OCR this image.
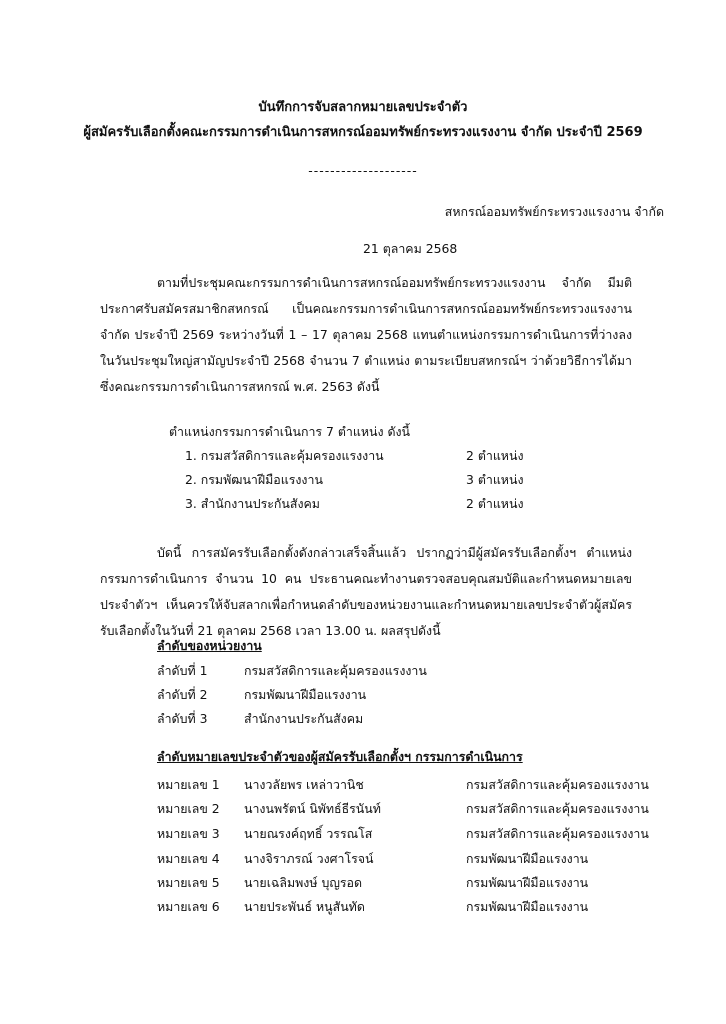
บันทึกการจับสลากหมายเลขประจำตัว
ผู้สมัครรับเลือกตั้งคณะกรรมการดำเนินการสหกรณ์ออมทรัพย์กระทรวงแรงงาน จำกัด ประจำปี 2569
--------------------
สหกรณ์ออมทรัพย์กระทรวงแรงงาน จำกัด
21 ตุลาคม 2568
ตามที่ประชุมคณะกรรมการดำเนินการสหกรณ์ออมทรัพย์กระทรวงแรงงาน จำกัด มีมติประกาศรับสมัครสมาชิกสหกรณ์ เป็นคณะกรรมการดำเนินการสหกรณ์ออมทรัพย์กระทรวงแรงงาน จำกัด ประจำปี 2569 ระหว่างวันที่ 1 – 17 ตุลาคม 2568 แทนตำแหน่งกรรมการดำเนินการที่ว่างลง ในวันประชุมใหญ่สามัญประจำปี 2568 จำนวน 7 ตำแหน่ง ตามระเบียบสหกรณ์ฯ ว่าด้วยวิธีการได้มาซึ่งคณะกรรมการดำเนินการสหกรณ์ พ.ศ. 2563 ดังนี้
ตำแหน่งกรรมการดำเนินการ 7 ตำแหน่ง ดังนี้
1. กรมสวัสดิการและคุ้มครองแรงงาน	2 ตำแหน่ง
2. กรมพัฒนาฝีมือแรงงาน	3 ตำแหน่ง
3. สำนักงานประกันสังคม	2 ตำแหน่ง
บัดนี้ การสมัครรับเลือกตั้งดังกล่าวเสร็จสิ้นแล้ว ปรากฏว่ามีผู้สมัครรับเลือกตั้งฯ ตำแหน่งกรรมการดำเนินการ จำนวน 10 คน ประธานคณะทำงานตรวจสอบคุณสมบัติและกำหนดหมายเลขประจำตัวฯ เห็นควรให้จับสลากเพื่อกำหนดลำดับของหน่วยงานและกำหนดหมายเลขประจำตัวผู้สมัครรับเลือกตั้งในวันที่ 21 ตุลาคม 2568 เวลา 13.00 น. ผลสรุปดังนี้
ลำดับของหน่วยงาน
ลำดับที่ 1	กรมสวัสดิการและคุ้มครองแรงงาน
ลำดับที่ 2	กรมพัฒนาฝีมือแรงงาน
ลำดับที่ 3	สำนักงานประกันสังคม
ลำดับหมายเลขประจำตัวของผู้สมัครรับเลือกตั้งฯ กรรมการดำเนินการ
หมายเลข 1 นางวลัยพร เหล่าวานิช	กรมสวัสดิการและคุ้มครองแรงงาน
หมายเลข 2 นางนพรัตน์ นิพัทธ์ธีรนันท์	กรมสวัสดิการและคุ้มครองแรงงาน
หมายเลข 3 นายณรงค์ฤทธิ์ วรรณโส	กรมสวัสดิการและคุ้มครองแรงงาน
หมายเลข 4 นางจิราภรณ์ วงศาโรจน์	กรมพัฒนาฝีมือแรงงาน
หมายเลข 5 นายเฉลิมพงษ์ บุญรอด	กรมพัฒนาฝีมือแรงงาน
หมายเลข 6 นายประพันธ์ หนูสันทัด	กรมพัฒนาฝีมือแรงงาน
